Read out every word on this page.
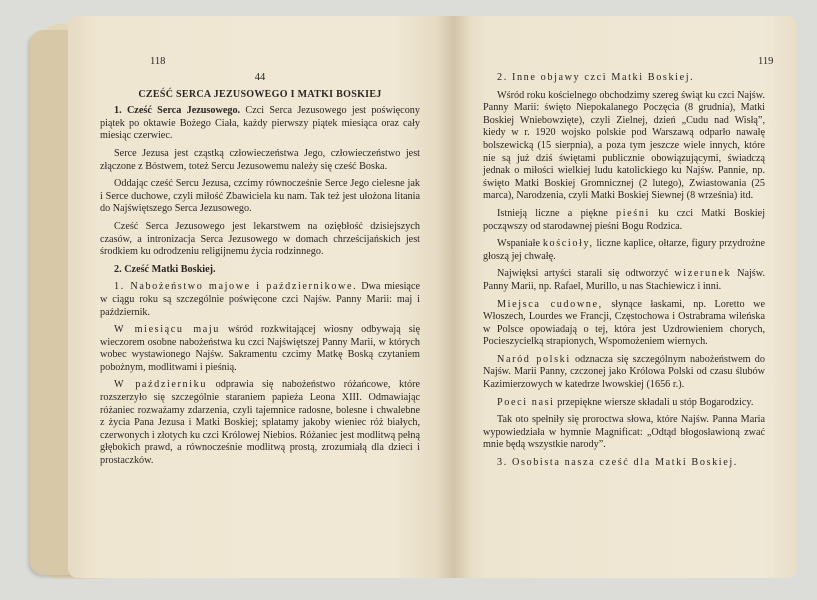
118	119

44

CZEŚĆ SERCA JEZUSOWEGO I MATKI BOSKIEJ

1. Cześć Serca Jezusowego. Czci Serca Jezusowego jest poświęcony piątek po oktawie Bożego Ciała, każdy pierwszy piątek miesiąca oraz cały miesiąc czerwiec.

Serce Jezusa jest cząstką człowieczeństwa Jego, człowieczeństwo jest złączone z Bóstwem, toteż Sercu Jezusowemu należy się cześć Boska.

Oddając cześć Sercu Jezusa, czcimy równocześnie Serce Jego cielesne jak i Serce duchowe, czyli miłość Zbawiciela ku nam. Tak też jest ułożona litania do Najświętszego Serca Jezusowego.

Cześć Serca Jezusowego jest lekarstwem na oziębłość dzisiejszych czasów, a intronizacja Serca Jezusowego w domach chrześcijańskich jest środkiem ku odrodzeniu religijnemu życia rodzinnego.

2. Cześć Matki Boskiej.

1. Nabożeństwo majowe i październikowe. Dwa miesiące w ciągu roku są szczególnie poświęcone czci Najśw. Panny Marii: maj i październik.

W miesiącu maju wśród rozkwitającej wiosny odbywają się wieczorem osobne nabożeństwa ku czci Najświętszej Panny Marii, w których wobec wystawionego Najśw. Sakramentu czcimy Matkę Boską czytaniem pobożnym, modlitwami i pieśnią.

W październiku odprawia się nabożeństwo różańcowe, które rozszerzyło się szczególnie staraniem papieża Leona XIII. Odmawiając różaniec rozważamy zdarzenia, czyli tajemnice radosne, bolesne i chwalebne z życia Pana Jezusa i Matki Boskiej; splatamy jakoby wieniec róż białych, czerwonych i złotych ku czci Królowej Niebios. Różaniec jest modlitwą pełną głębokich prawd, a równocześnie modlitwą prostą, zrozumiałą dla dzieci i prostaczków.

2. Inne objawy czci Matki Boskiej.

Wśród roku kościelnego obchodzimy szereg świąt ku czci Najśw. Panny Marii: święto Niepokalanego Poczęcia (8 grudnia), Matki Boskiej Wniebowzięte), czyli Zielnej, dzień „Cudu nad Wisłą”, kiedy w r. 1920 wojsko polskie pod Warszawą odparło nawałę bolszewicką (15 sierpnia), a poza tym jeszcze wiele innych, które nie są już dziś świętami publicznie obowiązującymi, świadczą jednak o miłości wielkiej ludu katolickiego ku Najśw. Pannie, np. święto Matki Boskiej Gromnicznej (2 lutego), Zwiastowania (25 marca), Narodzenia, czyli Matki Boskiej Siewnej (8 września) itd.

Istnieją liczne a piękne pieśni ku czci Matki Boskiej począwszy od starodawnej pieśni Bogu Rodzica.

Wspaniałe kościoły, liczne kaplice, ołtarze, figury przydrożne głoszą jej chwałę.

Najwięksi artyści starali się odtworzyć wizerunek Najśw. Panny Marii, np. Rafael, Murillo, u nas Stachiewicz i inni.

Miejsca cudowne, słynące łaskami, np. Loretto we Włoszech, Lourdes we Francji, Częstochowa i Ostrabrama wileńska w Polsce opowiadają o tej, która jest Uzdrowieniem chorych, Pocieszycielką strapionych, Wspomożeniem wiernych.

Naród polski odznacza się szczególnym nabożeństwem do Najśw. Marii Panny, czczonej jako Królowa Polski od czasu ślubów Kazimierzowych w katedrze lwowskiej (1656 r.).

Poeci nasi przepiękne wiersze składali u stóp Bogarodzicy.

Tak oto spełniły się proroctwa słowa, które Najśw. Panna Maria wypowiedziała w hymnie Magnificat: „Odtąd błogosławioną zwać mnie będą wszystkie narody”.

3. Osobista nasza cześć dla Matki Boskiej.
